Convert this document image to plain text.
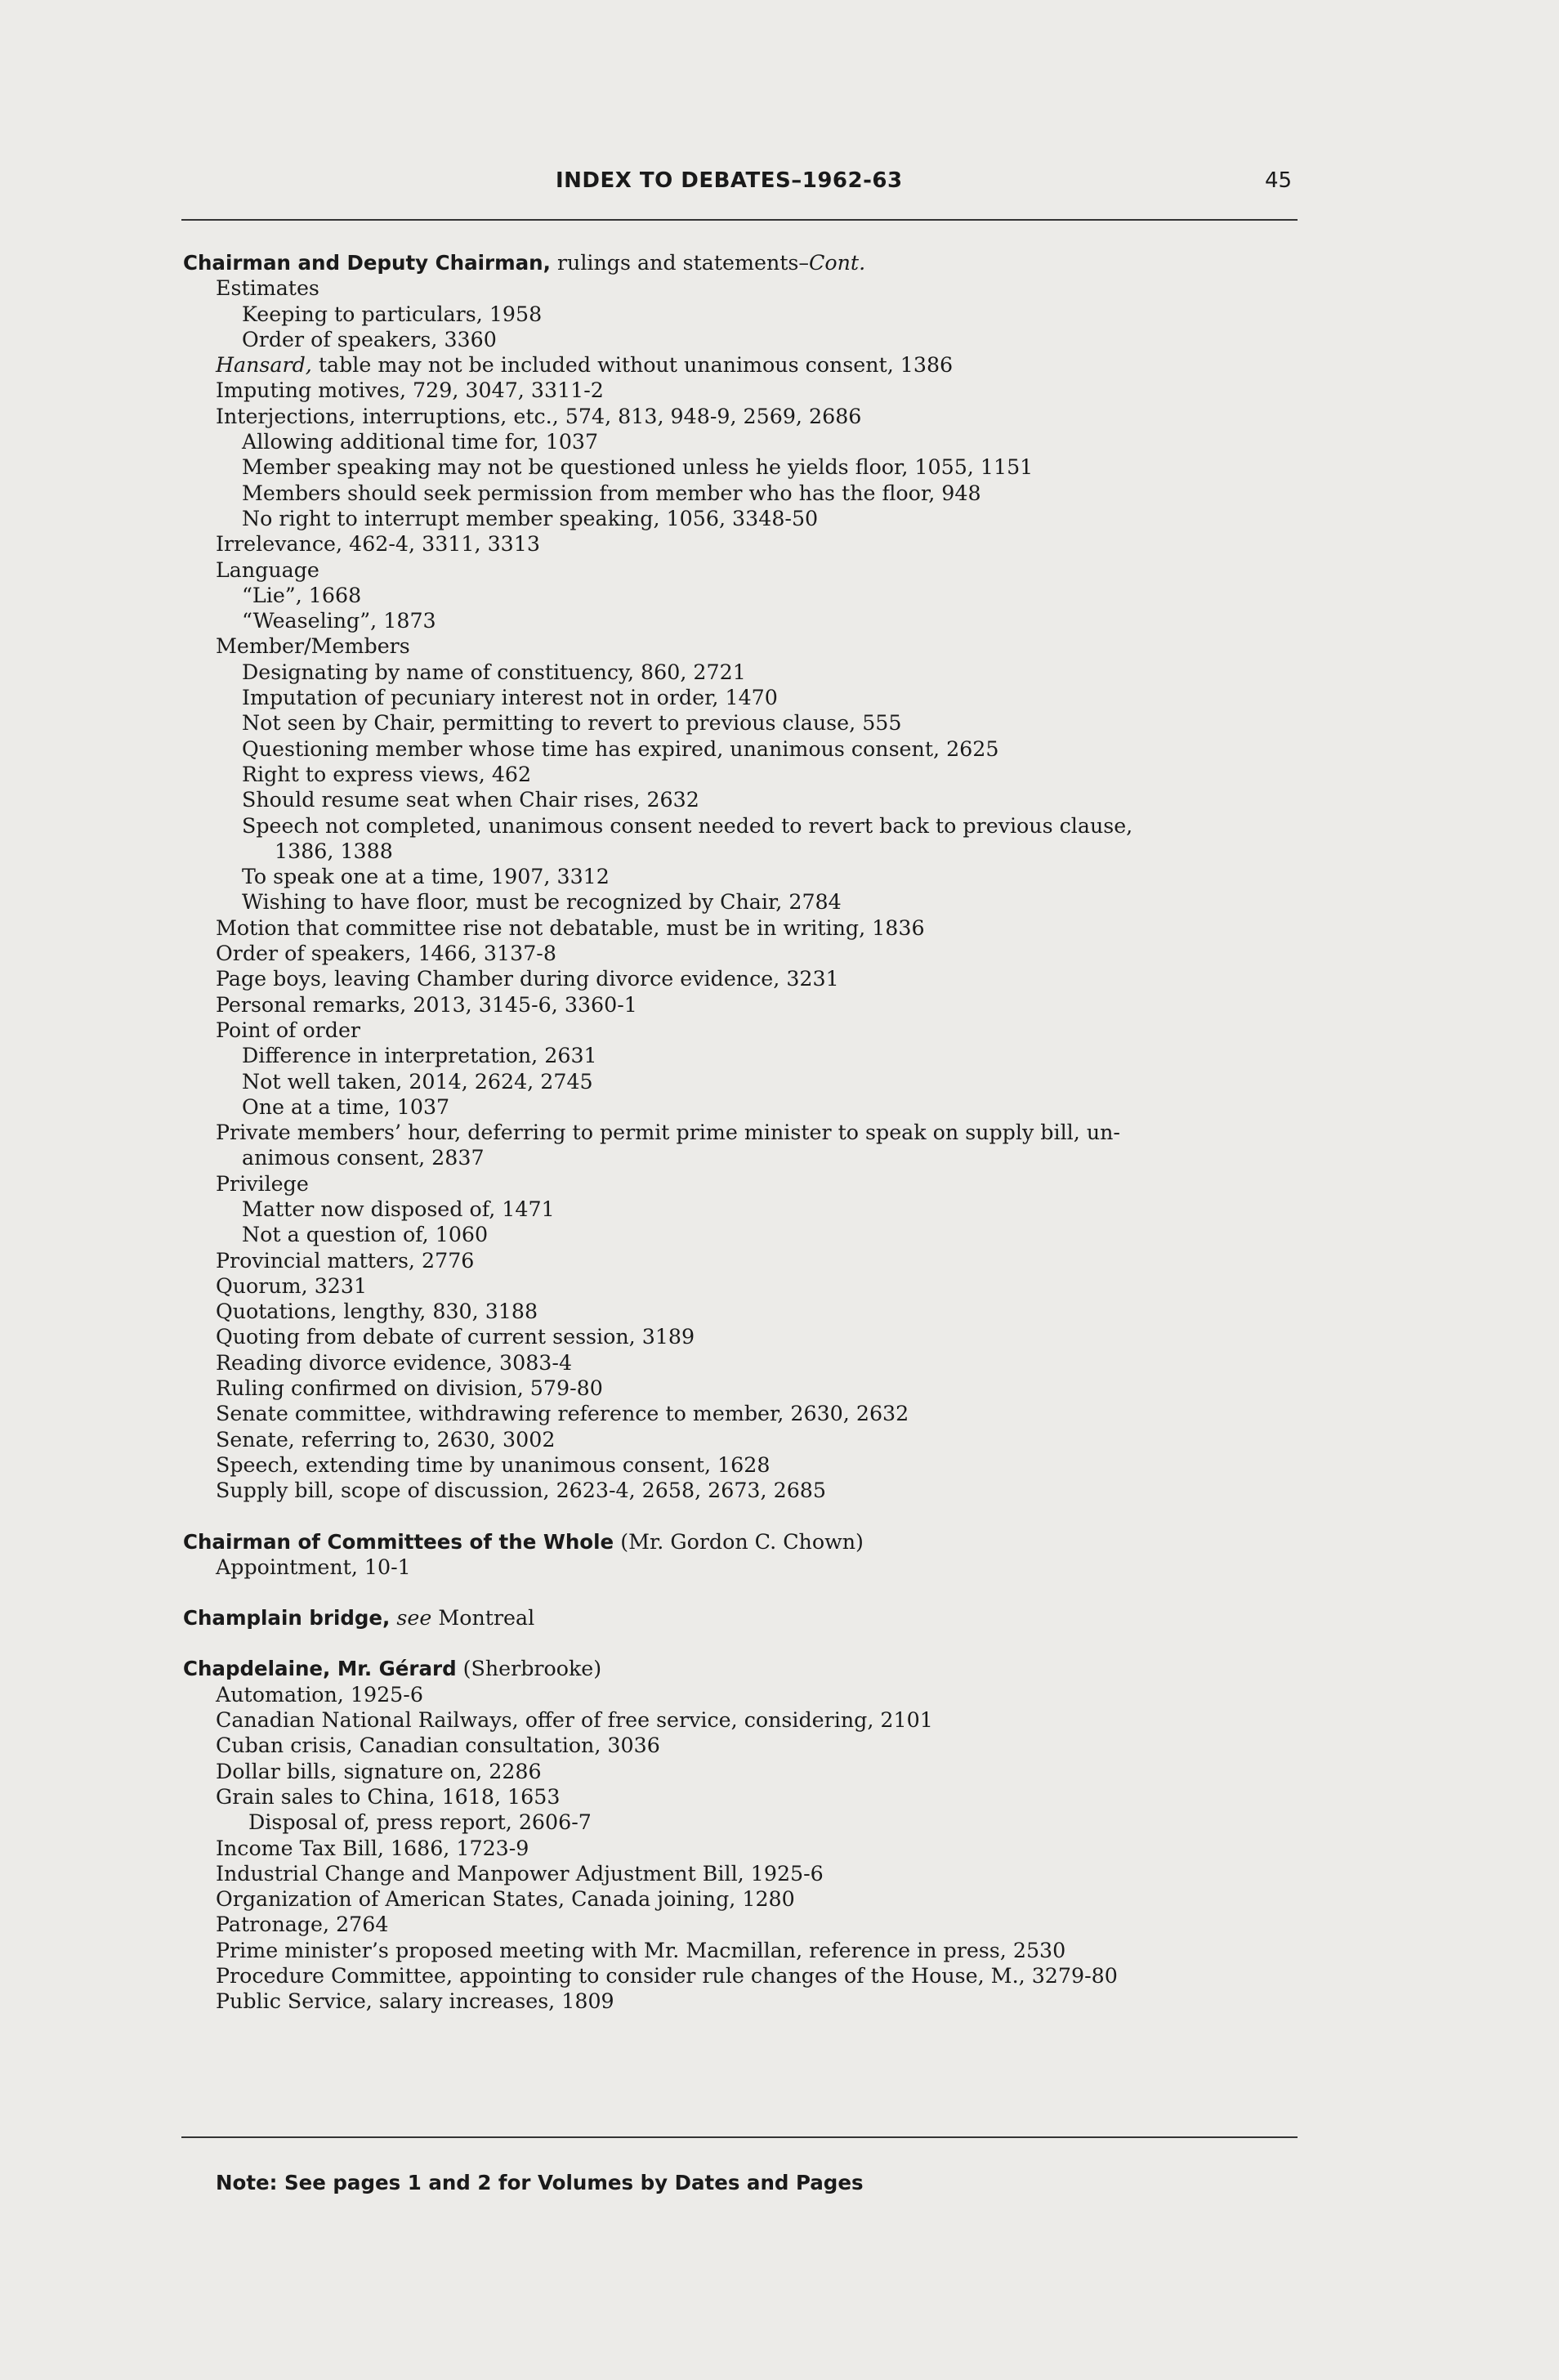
INDEX TO DEBATES–1962-63	45
Chairman and Deputy Chairman, rulings and statements–Cont.
Estimates
Keeping to particulars, 1958
Order of speakers, 3360
Hansard, table may not be included without unanimous consent, 1386
Imputing motives, 729, 3047, 3311-2
Interjections, interruptions, etc., 574, 813, 948-9, 2569, 2686
Allowing additional time for, 1037
Member speaking may not be questioned unless he yields floor, 1055, 1151
Members should seek permission from member who has the floor, 948
No right to interrupt member speaking, 1056, 3348-50
Irrelevance, 462-4, 3311, 3313
Language
“Lie”, 1668
“Weaseling”, 1873
Member/Members
Designating by name of constituency, 860, 2721
Imputation of pecuniary interest not in order, 1470
Not seen by Chair, permitting to revert to previous clause, 555
Questioning member whose time has expired, unanimous consent, 2625
Right to express views, 462
Should resume seat when Chair rises, 2632
Speech not completed, unanimous consent needed to revert back to previous clause,
1386, 1388
To speak one at a time, 1907, 3312
Wishing to have floor, must be recognized by Chair, 2784
Motion that committee rise not debatable, must be in writing, 1836
Order of speakers, 1466, 3137-8
Page boys, leaving Chamber during divorce evidence, 3231
Personal remarks, 2013, 3145-6, 3360-1
Point of order
Difference in interpretation, 2631
Not well taken, 2014, 2624, 2745
One at a time, 1037
Private members’ hour, deferring to permit prime minister to speak on supply bill, un-
animous consent, 2837
Privilege
Matter now disposed of, 1471
Not a question of, 1060
Provincial matters, 2776
Quorum, 3231
Quotations, lengthy, 830, 3188
Quoting from debate of current session, 3189
Reading divorce evidence, 3083-4
Ruling confirmed on division, 579-80
Senate committee, withdrawing reference to member, 2630, 2632
Senate, referring to, 2630, 3002
Speech, extending time by unanimous consent, 1628
Supply bill, scope of discussion, 2623-4, 2658, 2673, 2685
Chairman of Committees of the Whole (Mr. Gordon C. Chown)
Appointment, 10-1
Champlain bridge, see Montreal
Chapdelaine, Mr. Gérard (Sherbrooke)
Automation, 1925-6
Canadian National Railways, offer of free service, considering, 2101
Cuban crisis, Canadian consultation, 3036
Dollar bills, signature on, 2286
Grain sales to China, 1618, 1653
Disposal of, press report, 2606-7
Income Tax Bill, 1686, 1723-9
Industrial Change and Manpower Adjustment Bill, 1925-6
Organization of American States, Canada joining, 1280
Patronage, 2764
Prime minister’s proposed meeting with Mr. Macmillan, reference in press, 2530
Procedure Committee, appointing to consider rule changes of the House, M., 3279-80
Public Service, salary increases, 1809
Note: See pages 1 and 2 for Volumes by Dates and Pages
